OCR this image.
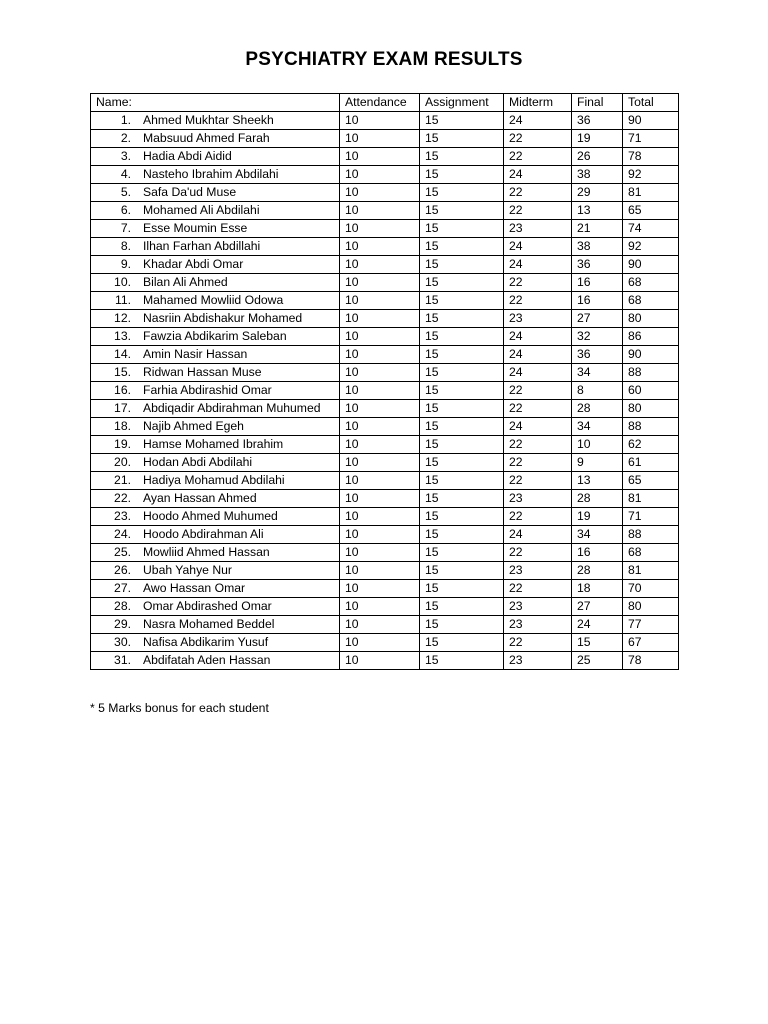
PSYCHIATRY EXAM RESULTS
Name:	Attendance	Assignment	Midterm	Final	Total
1. Ahmed Mukhtar Sheekh	10	15	24	36	90
2. Mabsuud Ahmed Farah	10	15	22	19	71
3. Hadia Abdi Aidid	10	15	22	26	78
4. Nasteho Ibrahim Abdilahi	10	15	24	38	92
5. Safa Da'ud Muse	10	15	22	29	81
6. Mohamed Ali Abdilahi	10	15	22	13	65
7. Esse Moumin Esse	10	15	23	21	74
8. Ilhan Farhan Abdillahi	10	15	24	38	92
9. Khadar Abdi Omar	10	15	24	36	90
10. Bilan Ali Ahmed	10	15	22	16	68
11. Mahamed Mowliid Odowa	10	15	22	16	68
12. Nasriin Abdishakur Mohamed	10	15	23	27	80
13. Fawzia Abdikarim Saleban	10	15	24	32	86
14. Amin Nasir Hassan	10	15	24	36	90
15. Ridwan Hassan Muse	10	15	24	34	88
16. Farhia Abdirashid Omar	10	15	22	8	60
17. Abdiqadir Abdirahman Muhumed	10	15	22	28	80
18. Najib Ahmed Egeh	10	15	24	34	88
19. Hamse Mohamed Ibrahim	10	15	22	10	62
20. Hodan Abdi Abdilahi	10	15	22	9	61
21. Hadiya Mohamud Abdilahi	10	15	22	13	65
22. Ayan Hassan Ahmed	10	15	23	28	81
23. Hoodo Ahmed Muhumed	10	15	22	19	71
24. Hoodo Abdirahman Ali	10	15	24	34	88
25. Mowliid Ahmed Hassan	10	15	22	16	68
26. Ubah Yahye Nur	10	15	23	28	81
27. Awo Hassan Omar	10	15	22	18	70
28. Omar Abdirashed Omar	10	15	23	27	80
29. Nasra Mohamed Beddel	10	15	23	24	77
30. Nafisa Abdikarim Yusuf	10	15	22	15	67
31. Abdifatah Aden Hassan	10	15	23	25	78
* 5 Marks bonus for each student
